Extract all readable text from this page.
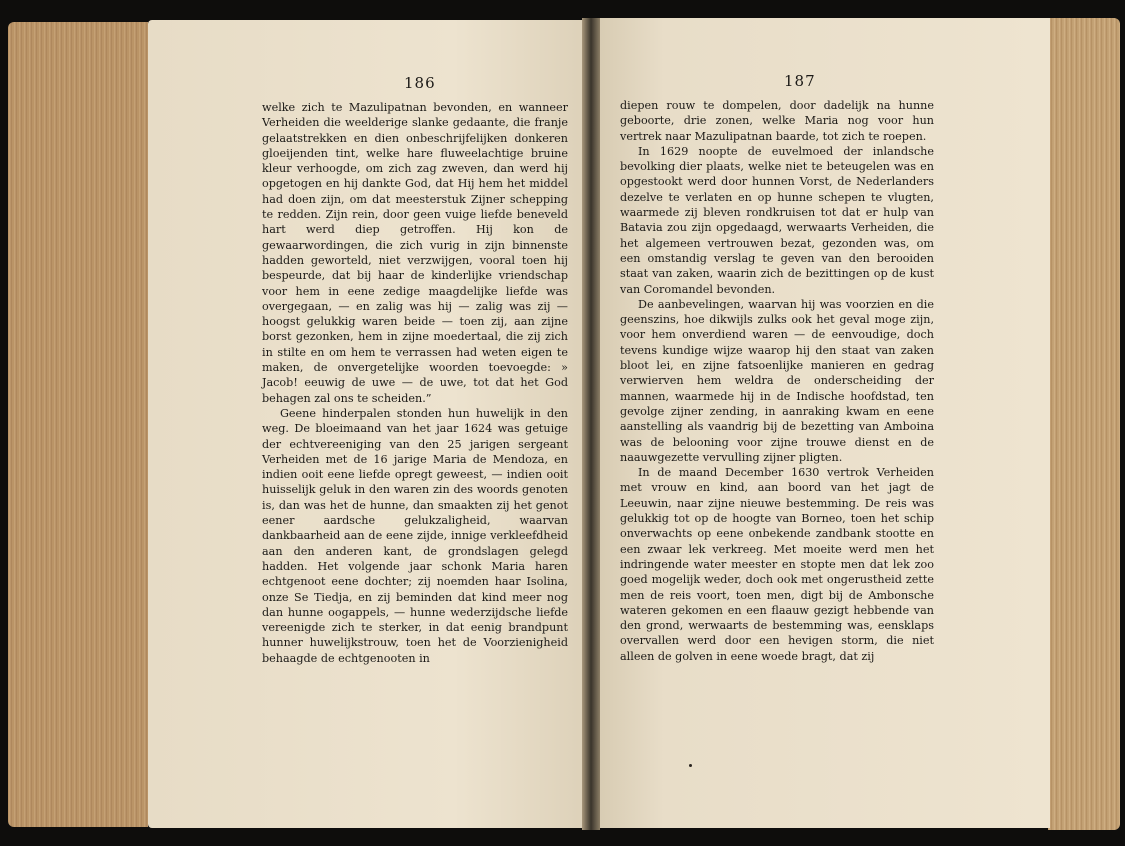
186	187

welke zich te Mazulipatnan bevonden, en wanneer Verheiden die weelderige slanke gedaante, die franje gelaatstrekken en dien onbeschrijfelijken donkeren gloeijenden tint, welke hare fluweelachtige bruine kleur verhoogde, om zich zag zweven, dan werd hij opgetogen en hij dankte God, dat Hij hem het middel had doen zijn, om dat meesterstuk Zijner schepping te redden. Zijn rein, door geen vuige liefde beneveld hart werd diep getroffen. Hij kon de gewaarwordingen, die zich vurig in zijn binnenste hadden geworteld, niet verzwijgen, vooral toen hij bespeurde, dat bij haar de kinderlijke vriendschap voor hem in eene zedige maagdelijke liefde was overgegaan, — en zalig was hij — zalig was zij — hoogst gelukkig waren beide — toen zij, aan zijne borst gezonken, hem in zijne moedertaal, die zij zich in stilte en om hem te verrassen had weten eigen te maken, de onvergetelijke woorden toevoegde: » Jacob! eeuwig de uwe — de uwe, tot dat het God behagen zal ons te scheiden.”

Geene hinderpalen stonden hun huwelijk in den weg. De bloeimaand van het jaar 1624 was getuige der echtvereeniging van den 25 jarigen sergeant Verheiden met de 16 jarige Maria de Mendoza, en indien ooit eene liefde opregt geweest, — indien ooit huisselijk geluk in den waren zin des woords genoten is, dan was het de hunne, dan smaakten zij het genot eener aardsche gelukzaligheid, waarvan dankbaarheid aan de eene zijde, innige verkleefdheid aan den anderen kant, de grondslagen gelegd hadden. Het volgende jaar schonk Maria haren echtgenoot eene dochter; zij noemden haar Isolina, onze Se Tiedja, en zij beminden dat kind meer nog dan hunne oogappels, — hunne wederzijdsche liefde vereenigde zich te sterker, in dat eenig brandpunt hunner huwelijkstrouw, toen het de Voorzienigheid behaagde de echtgenooten in

diepen rouw te dompelen, door dadelijk na hunne geboorte, drie zonen, welke Maria nog voor hun vertrek naar Mazulipatnan baarde, tot zich te roepen.

In 1629 noopte de euvelmoed der inlandsche bevolking dier plaats, welke niet te beteugelen was en opgestookt werd door hunnen Vorst, de Nederlanders dezelve te verlaten en op hunne schepen te vlugten, waarmede zij bleven rondkruisen tot dat er hulp van Batavia zou zijn opgedaagd, werwaarts Verheiden, die het algemeen vertrouwen bezat, gezonden was, om een omstandig verslag te geven van den berooiden staat van zaken, waarin zich de bezittingen op de kust van Coromandel bevonden.

De aanbevelingen, waarvan hij was voorzien en die geenszins, hoe dikwijls zulks ook het geval moge zijn, voor hem onverdiend waren — de eenvoudige, doch tevens kundige wijze waarop hij den staat van zaken bloot lei, en zijne fatsoenlijke manieren en gedrag verwierven hem weldra de onderscheiding der mannen, waarmede hij in de Indische hoofdstad, ten gevolge zijner zending, in aanraking kwam en eene aanstelling als vaandrig bij de bezetting van Amboina was de belooning voor zijne trouwe dienst en de naauwgezette vervulling zijner pligten.

In de maand December 1630 vertrok Verheiden met vrouw en kind, aan boord van het jagt de Leeuwin, naar zijne nieuwe bestemming. De reis was gelukkig tot op de hoogte van Borneo, toen het schip onverwachts op eene onbekende zandbank stootte en een zwaar lek verkreeg. Met moeite werd men het indringende water meester en stopte men dat lek zoo goed mogelijk weder, doch ook met ongerustheid zette men de reis voort, toen men, digt bij de Ambonsche wateren gekomen en een flaauw gezigt hebbende van den grond, werwaarts de bestemming was, eensklaps overvallen werd door een hevigen storm, die niet alleen de golven in eene woede bragt, dat zij
